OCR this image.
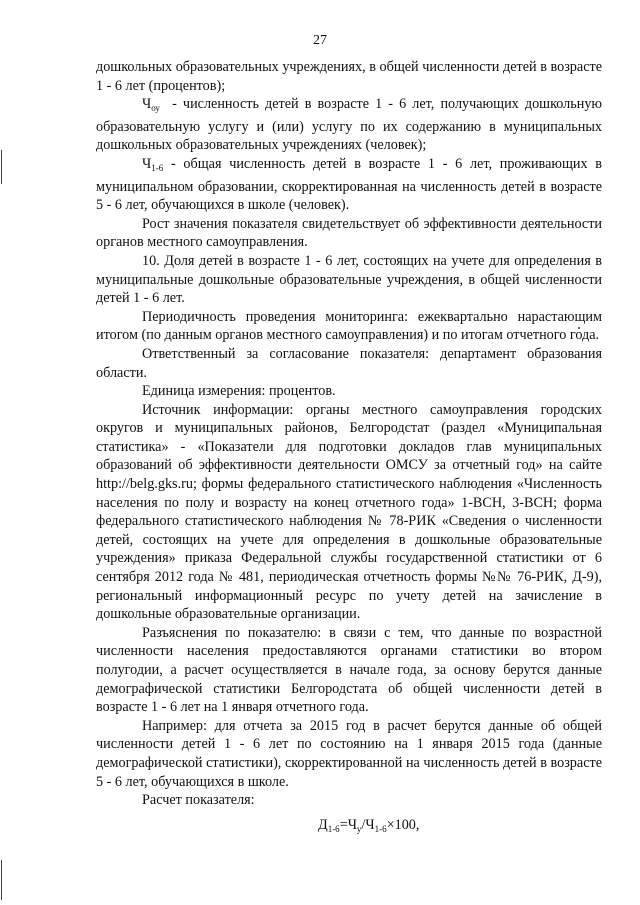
27

дошкольных образовательных учреждениях, в общей численности детей в возрасте 1 - 6 лет (процентов);

$Ч_{оу}$ - численность детей в возрасте 1 - 6 лет, получающих дошкольную образовательную услугу и (или) услугу по их содержанию в муниципальных дошкольных образовательных учреждениях (человек);

$Ч_{1-6}$ - общая численность детей в возрасте 1 - 6 лет, проживающих в муниципальном образовании, скорректированная на численность детей в возрасте 5 - 6 лет, обучающихся в школе (человек).

Рост значения показателя свидетельствует об эффективности деятельности органов местного самоуправления.

10. Доля детей в возрасте 1 - 6 лет, состоящих на учете для определения в муниципальные дошкольные образовательные учреждения, в общей численности детей 1 - 6 лет.

Периодичность проведения мониторинга: ежеквартально нарастающим итогом (по данным органов местного самоуправления) и по итогам отчетного года.

Ответственный за согласование показателя: департамент образования области.

Единица измерения: процентов.

Источник информации: органы местного самоуправления городских округов и муниципальных районов, Белгородстат (раздел «Муниципальная статистика» - «Показатели для подготовки докладов глав муниципальных образований об эффективности деятельности ОМСУ за отчетный год» на сайте http://belg.gks.ru; формы федерального статистического наблюдения «Численность населения по полу и возрасту на конец отчетного года» 1-ВСН, 3-ВСН; форма федерального статистического наблюдения № 78-РИК «Сведения о численности детей, состоящих на учете для определения в дошкольные образовательные учреждения» приказа Федеральной службы государственной статистики от 6 сентября 2012 года № 481, периодическая отчетность формы №№ 76-РИК, Д-9), региональный информационный ресурс по учету детей на зачисление в дошкольные образовательные организации.

Разъяснения по показателю: в связи с тем, что данные по возрастной численности населения предоставляются органами статистики во втором полугодии, а расчет осуществляется в начале года, за основу берутся данные демографической статистики Белгородстата об общей численности детей в возрасте 1 - 6 лет на 1 января отчетного года.

Например: для отчета за 2015 год в расчет берутся данные об общей численности детей 1 - 6 лет по состоянию на 1 января 2015 года (данные демографической статистики), скорректированной на численность детей в возрасте 5 - 6 лет, обучающихся в школе.

Расчет показателя:

$Д_{1-6}=Ч_у/Ч_{1-6}\times 100$,
